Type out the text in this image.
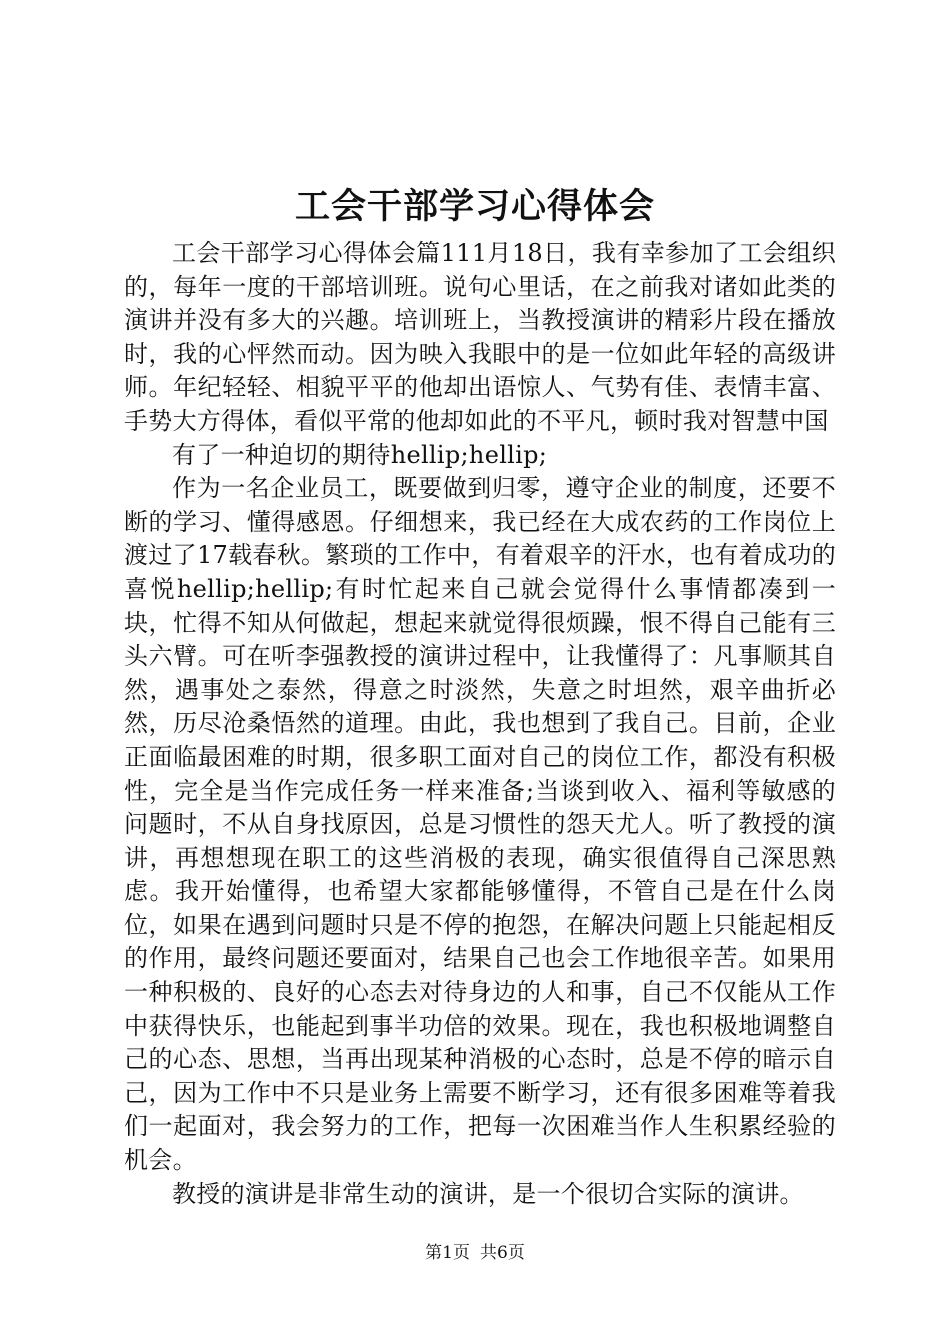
工会干部学习心得体会

工会干部学习心得体会篇111月18日，我有幸参加了工会组织的，每年一度的干部培训班。说句心里话，在之前我对诸如此类的演讲并没有多大的兴趣。培训班上，当教授演讲的精彩片段在播放时，我的心怦然而动。因为映入我眼中的是一位如此年轻的高级讲师。年纪轻轻、相貌平平的他却出语惊人、气势有佳、表情丰富、手势大方得体，看似平常的他却如此的不平凡，顿时我对智慧中国

有了一种迫切的期待hellip;hellip;

作为一名企业员工，既要做到归零，遵守企业的制度，还要不断的学习、懂得感恩。仔细想来，我已经在大成农药的工作岗位上渡过了17载春秋。繁琐的工作中，有着艰辛的汗水，也有着成功的喜悦hellip;hellip;有时忙起来自己就会觉得什么事情都凑到一块，忙得不知从何做起，想起来就觉得很烦躁，恨不得自己能有三头六臂。可在听李强教授的演讲过程中，让我懂得了：凡事顺其自然，遇事处之泰然，得意之时淡然，失意之时坦然，艰辛曲折必然，历尽沧桑悟然的道理。由此，我也想到了我自己。目前，企业正面临最困难的时期，很多职工面对自己的岗位工作，都没有积极性，完全是当作完成任务一样来准备;当谈到收入、福利等敏感的问题时，不从自身找原因，总是习惯性的怨天尤人。听了教授的演讲，再想想现在职工的这些消极的表现，确实很值得自己深思熟虑。我开始懂得，也希望大家都能够懂得，不管自己是在什么岗位，如果在遇到问题时只是不停的抱怨，在解决问题上只能起相反的作用，最终问题还要面对，结果自己也会工作地很辛苦。如果用一种积极的、良好的心态去对待身边的人和事，自己不仅能从工作中获得快乐，也能起到事半功倍的效果。现在，我也积极地调整自己的心态、思想，当再出现某种消极的心态时，总是不停的暗示自己，因为工作中不只是业务上需要不断学习，还有很多困难等着我们一起面对，我会努力的工作，把每一次困难当作人生积累经验的机会。

教授的演讲是非常生动的演讲，是一个很切合实际的演讲。

第1页 共6页
